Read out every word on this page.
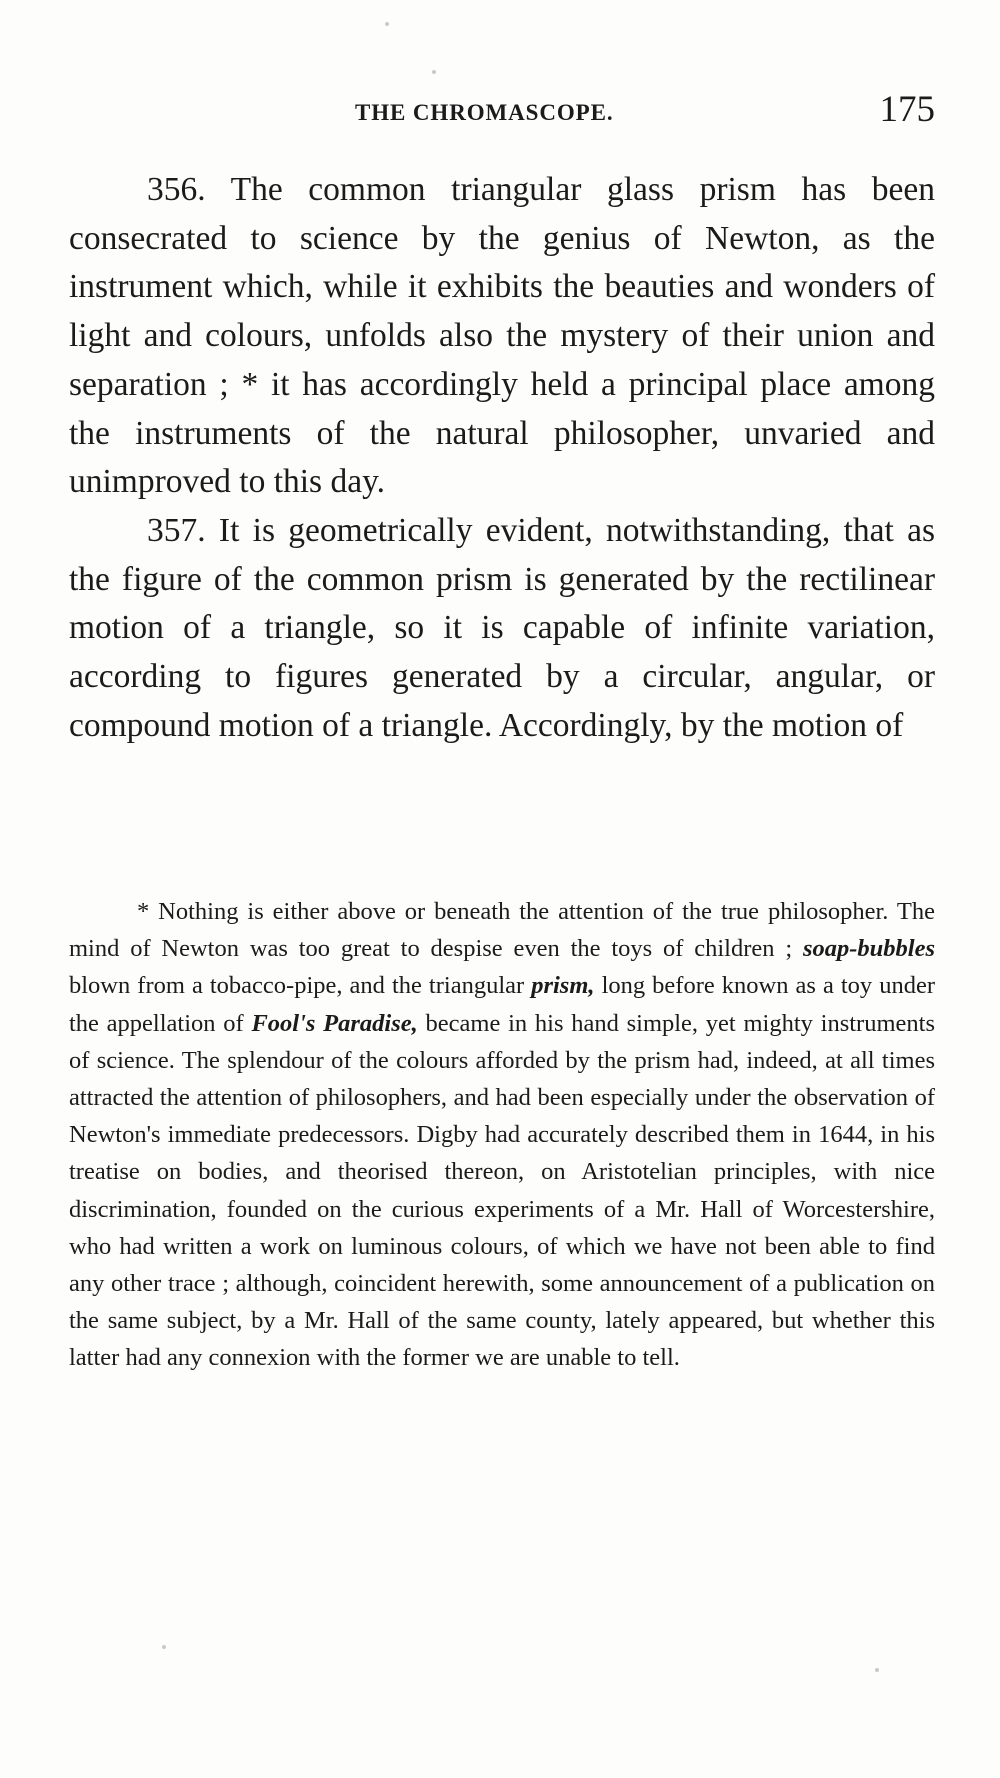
THE CHROMASCOPE.	175

356. The common triangular glass prism has been consecrated to science by the genius of Newton, as the instrument which, while it exhibits the beauties and wonders of light and colours, unfolds also the mystery of their union and separation ; * it has accordingly held a principal place among the instruments of the natural philosopher, unvaried and unimproved to this day.

357. It is geometrically evident, notwithstanding, that as the figure of the common prism is generated by the rectilinear motion of a triangle, so it is capable of infinite variation, according to figures generated by a circular, angular, or compound motion of a triangle. Accordingly, by the motion of

* Nothing is either above or beneath the attention of the true philosopher. The mind of Newton was too great to despise even the toys of children ; soap-bubbles blown from a tobacco-pipe, and the triangular prism, long before known as a toy under the appellation of Fool's Paradise, became in his hand simple, yet mighty instruments of science. The splendour of the colours afforded by the prism had, indeed, at all times attracted the attention of philosophers, and had been especially under the observation of Newton's immediate predecessors. Digby had accurately described them in 1644, in his treatise on bodies, and theorised thereon, on Aristotelian principles, with nice discrimination, founded on the curious experiments of a Mr. Hall of Worcestershire, who had written a work on luminous colours, of which we have not been able to find any other trace ; although, coincident herewith, some announcement of a publication on the same subject, by a Mr. Hall of the same county, lately appeared, but whether this latter had any connexion with the former we are unable to tell.
